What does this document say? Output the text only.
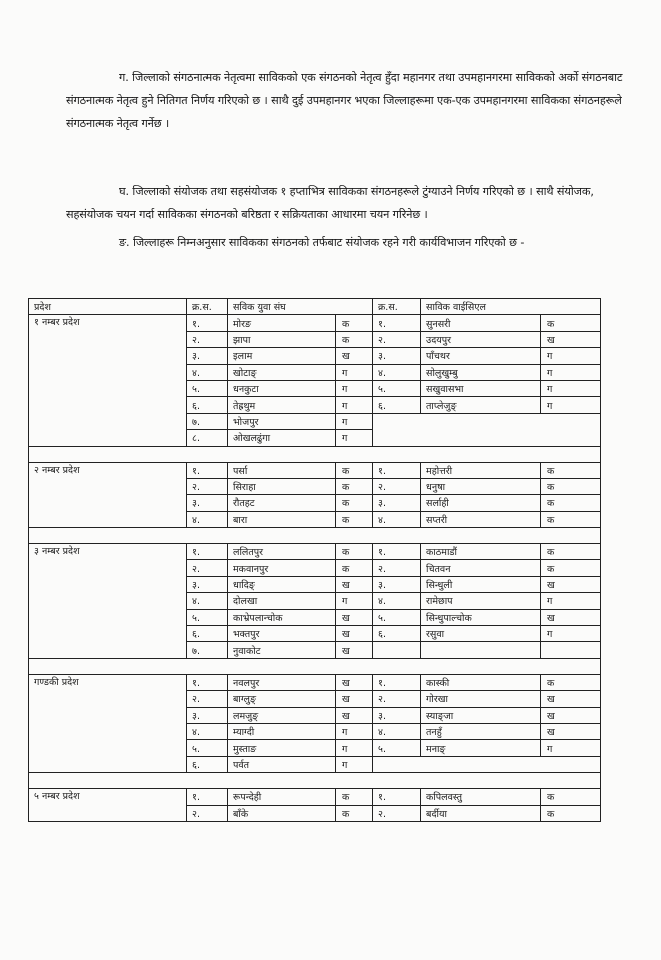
ग. जिल्लाको संगठनात्मक नेतृत्वमा साविकको एक संगठनको नेतृत्व हुँदा महानगर तथा उपमहानगरमा साविकको अर्को संगठनबाट संगठनात्मक नेतृत्व हुने नितिगत निर्णय गरिएको छ । साथै दुई उपमहानगर भएका जिल्लाहरूमा एक-एक उपमहानगरमा साविकका संगठनहरूले संगठनात्मक नेतृत्व गर्नेछ ।
घ. जिल्लाको संयोजक तथा सहसंयोजक १ हप्ताभित्र साविकका संगठनहरूले टुंग्याउने निर्णय गरिएको छ । साथै संयोजक, सहसंयोजक चयन गर्दा साविकका संगठनको बरिष्ठता र सक्रियताका आधारमा चयन गरिनेछ ।
ङ. जिल्लाहरू निम्नअनुसार साविकका संगठनको तर्फबाट संयोजक रहने गरी कार्यविभाजन गरिएको छ -
प्रदेश	क्र.स.	सविक युवा संघ		क्र.स.	साविक वाईसिएल	
१ नम्बर प्रदेश	१.	मोरङ	क	१.	सुनसरी	क
	२.	झापा	क	२.	उदयपुर	ख
	३.	इलाम	ख	३.	पाँचथर	ग
	४.	खोटाङ्	ग	४.	सोलुखुम्बु	ग
	५.	धनकुटा	ग	५.	सखुवासभा	ग
	६.	तेह्रथुम	ग	६.	ताप्लेजुङ्	ग
	७.	भोजपुर	ग			
	८.	ओखलढुंगा	ग			

२ नम्बर प्रदेश	१.	पर्सा	क	१.	महोत्तरी	क
	२.	सिराहा	क	२.	धनुषा	क
	३.	रौतहट	क	३.	सर्लाही	क
	४.	बारा	क	४.	सप्तरी	क

३ नम्बर प्रदेश	१.	ललितपुर	क	१.	काठमाडौं	क
	२.	मकवानपुर	क	२.	चितवन	क
	३.	धादिङ्	ख	३.	सिन्धुली	ख
	४.	दोलखा	ग	४.	रामेछाप	ग
	५.	काभ्रेपलान्चोक	ख	५.	सिन्धुपाल्चोक	ख
	६.	भक्तपुर	ख	६.	रसुवा	ग
	७.	नुवाकोट	ख			

गण्डकी प्रदेश	१.	नवलपुर	ख	१.	कास्की	क
	२.	बाग्लुङ्	ख	२.	गोरखा	ख
	३.	लमजुङ्	ख	३.	स्याङ्जा	ख
	४.	म्याग्दी	ग	४.	तनहुँ	ख
	५.	मुस्ताङ	ग	५.	मनाङ्	ग
	६.	पर्वत	ग			

५ नम्बर प्रदेश	१.	रूपन्देही	क	१.	कपिलवस्तु	क
	२.	बाँके	क	२.	बर्दीया	क
